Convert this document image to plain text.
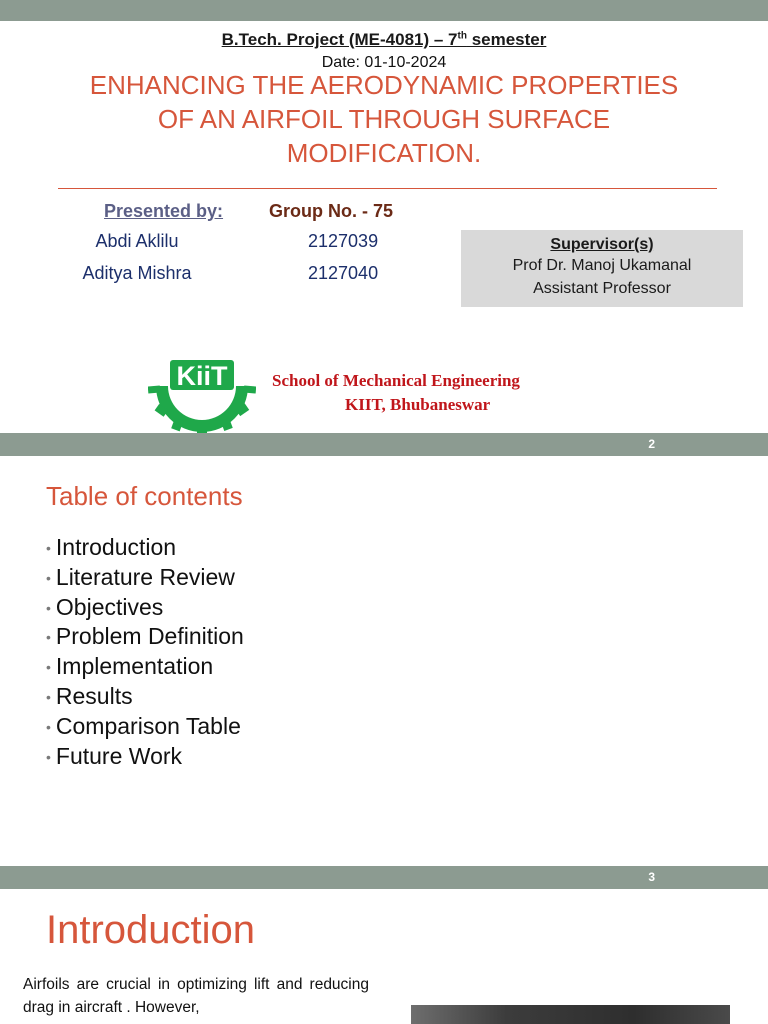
B.Tech. Project (ME-4081) – 7th semester
Date: 01-10-2024
ENHANCING THE AERODYNAMIC PROPERTIES
OF AN AIRFOIL THROUGH SURFACE
MODIFICATION.
Presented by:	Group No. - 75
Abdi Aklilu	2127039
Aditya Mishra	2127040
Supervisor(s)
Prof Dr. Manoj Ukamanal
Assistant Professor
KiiT	School of Mechanical Engineering
KIIT, Bhubaneswar
2
Table of contents
• Introduction
• Literature Review
• Objectives
• Problem Definition
• Implementation
• Results
• Comparison Table
• Future Work
3
Introduction
Airfoils are crucial in optimizing lift and reducing drag in aircraft . However,
